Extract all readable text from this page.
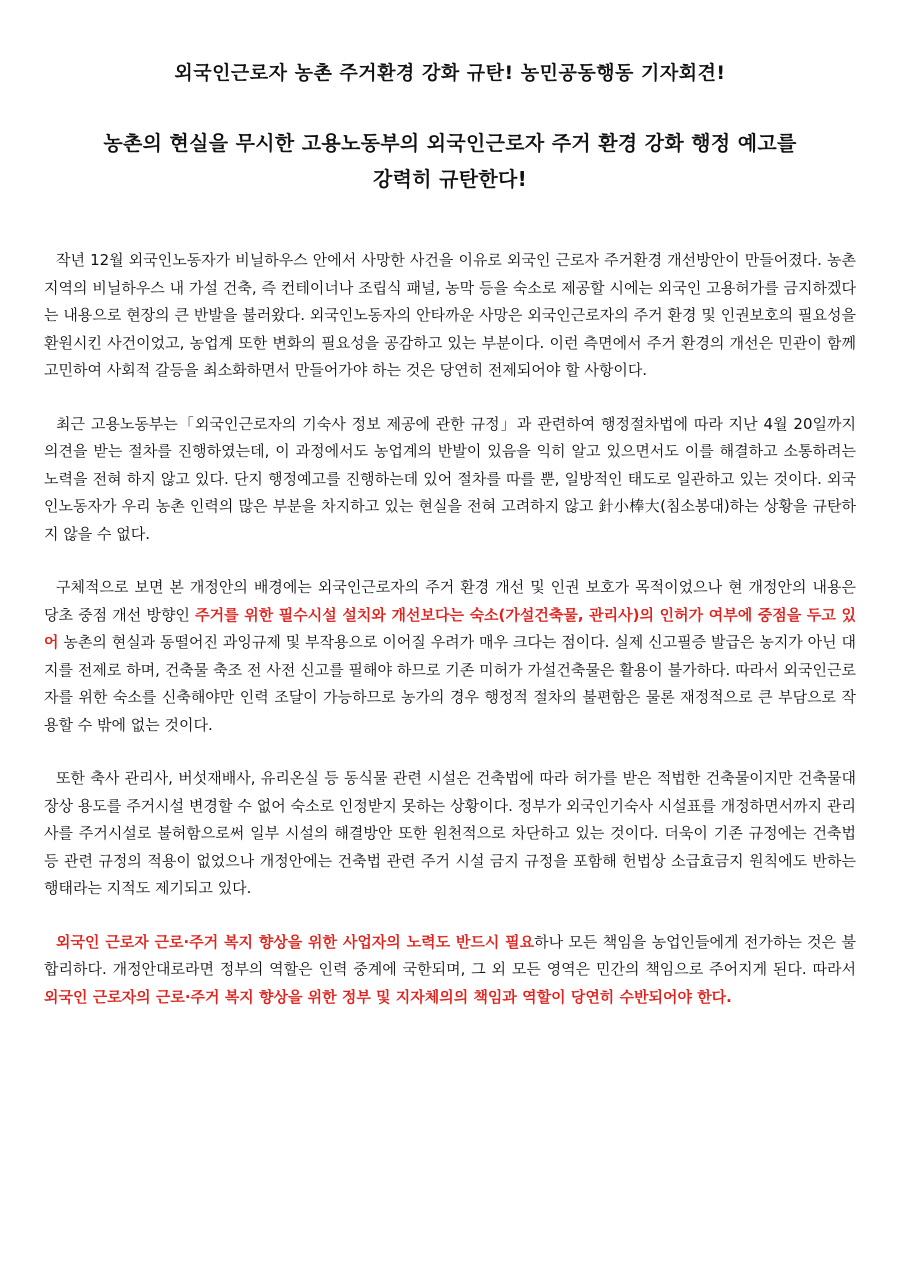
외국인근로자 농촌 주거환경 강화 규탄! 농민공동행동 기자회견!
농촌의 현실을 무시한 고용노동부의 외국인근로자 주거 환경 강화 행정 예고를
강력히 규탄한다!

작년 12월 외국인노동자가 비닐하우스 안에서 사망한 사건을 이유로 외국인 근로자 주거환경 개선방안이 만들어졌다. 농촌지역의 비닐하우스 내 가설 건축, 즉 컨테이너나 조립식 패널, 농막 등을 숙소로 제공할 시에는 외국인 고용허가를 금지하겠다는 내용으로 현장의 큰 반발을 불러왔다. 외국인노동자의 안타까운 사망은 외국인근로자의 주거 환경 및 인권보호의 필요성을 환원시킨 사건이었고, 농업계 또한 변화의 필요성을 공감하고 있는 부분이다. 이런 측면에서 주거 환경의 개선은 민관이 함께 고민하여 사회적 갈등을 최소화하면서 만들어가야 하는 것은 당연히 전제되어야 할 사항이다.

최근 고용노동부는「외국인근로자의 기숙사 정보 제공에 관한 규정」과 관련하여 행정절차법에 따라 지난 4월 20일까지 의견을 받는 절차를 진행하였는데, 이 과정에서도 농업계의 반발이 있음을 익히 알고 있으면서도 이를 해결하고 소통하려는 노력을 전혀 하지 않고 있다. 단지 행정예고를 진행하는데 있어 절차를 따를 뿐, 일방적인 태도로 일관하고 있는 것이다. 외국인노동자가 우리 농촌 인력의 많은 부분을 차지하고 있는 현실을 전혀 고려하지 않고 針小棒大(침소봉대)하는 상황을 규탄하지 않을 수 없다.

구체적으로 보면 본 개정안의 배경에는 외국인근로자의 주거 환경 개선 및 인권 보호가 목적이었으나 현 개정안의 내용은 당초 중점 개선 방향인 주거를 위한 필수시설 설치와 개선보다는 숙소(가설건축물, 관리사)의 인허가 여부에 중점을 두고 있어 농촌의 현실과 동떨어진 과잉규제 및 부작용으로 이어질 우려가 매우 크다는 점이다. 실제 신고필증 발급은 농지가 아닌 대지를 전제로 하며, 건축물 축조 전 사전 신고를 필해야 하므로 기존 미허가 가설건축물은 활용이 불가하다. 따라서 외국인근로자를 위한 숙소를 신축해야만 인력 조달이 가능하므로 농가의 경우 행정적 절차의 불편함은 물론 재정적으로 큰 부담으로 작용할 수 밖에 없는 것이다.

또한 축사 관리사, 버섯재배사, 유리온실 등 동식물 관련 시설은 건축법에 따라 허가를 받은 적법한 건축물이지만 건축물대장상 용도를 주거시설 변경할 수 없어 숙소로 인정받지 못하는 상황이다. 정부가 외국인기숙사 시설표를 개정하면서까지 관리사를 주거시설로 불허함으로써 일부 시설의 해결방안 또한 원천적으로 차단하고 있는 것이다. 더욱이 기존 규정에는 건축법 등 관련 규정의 적용이 없었으나 개정안에는 건축법 관련 주거 시설 금지 규정을 포함해 헌법상 소급효금지 원칙에도 반하는 행태라는 지적도 제기되고 있다.

외국인 근로자 근로·주거 복지 향상을 위한 사업자의 노력도 반드시 필요하나 모든 책임을 농업인들에게 전가하는 것은 불합리하다. 개정안대로라면 정부의 역할은 인력 중계에 국한되며, 그 외 모든 영역은 민간의 책임으로 주어지게 된다. 따라서 외국인 근로자의 근로·주거 복지 향상을 위한 정부 및 지자체의의 책임과 역할이 당연히 수반되어야 한다.
